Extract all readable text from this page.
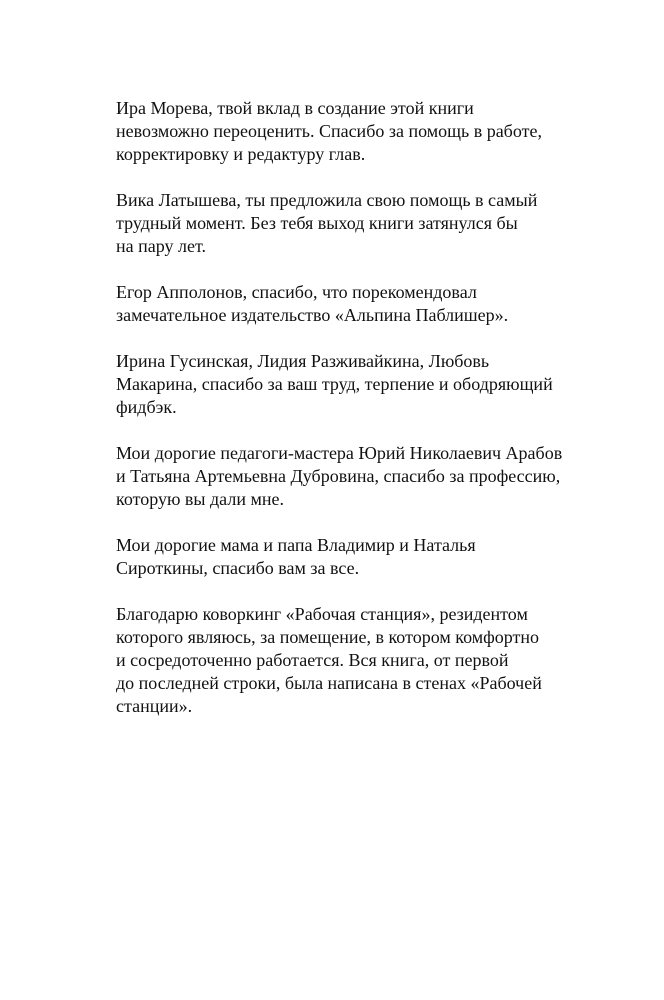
Ира Морева, твой вклад в создание этой книги
невозможно переоценить. Спасибо за помощь в работе,
корректировку и редактуру глав.

Вика Латышева, ты предложила свою помощь в самый
трудный момент. Без тебя выход книги затянулся бы
на пару лет.

Егор Апполонов, спасибо, что порекомендовал
замечательное издательство «Альпина Паблишер».

Ирина Гусинская, Лидия Разживайкина, Любовь
Макарина, спасибо за ваш труд, терпение и ободряющий
фидбэк.

Мои дорогие педагоги-мастера Юрий Николаевич Арабов
и Татьяна Артемьевна Дубровина, спасибо за профессию,
которую вы дали мне.

Мои дорогие мама и папа Владимир и Наталья
Сироткины, спасибо вам за все.

Благодарю коворкинг «Рабочая станция», резидентом
которого являюсь, за помещение, в котором комфортно
и сосредоточенно работается. Вся книга, от первой
до последней строки, была написана в стенах «Рабочей
станции».
